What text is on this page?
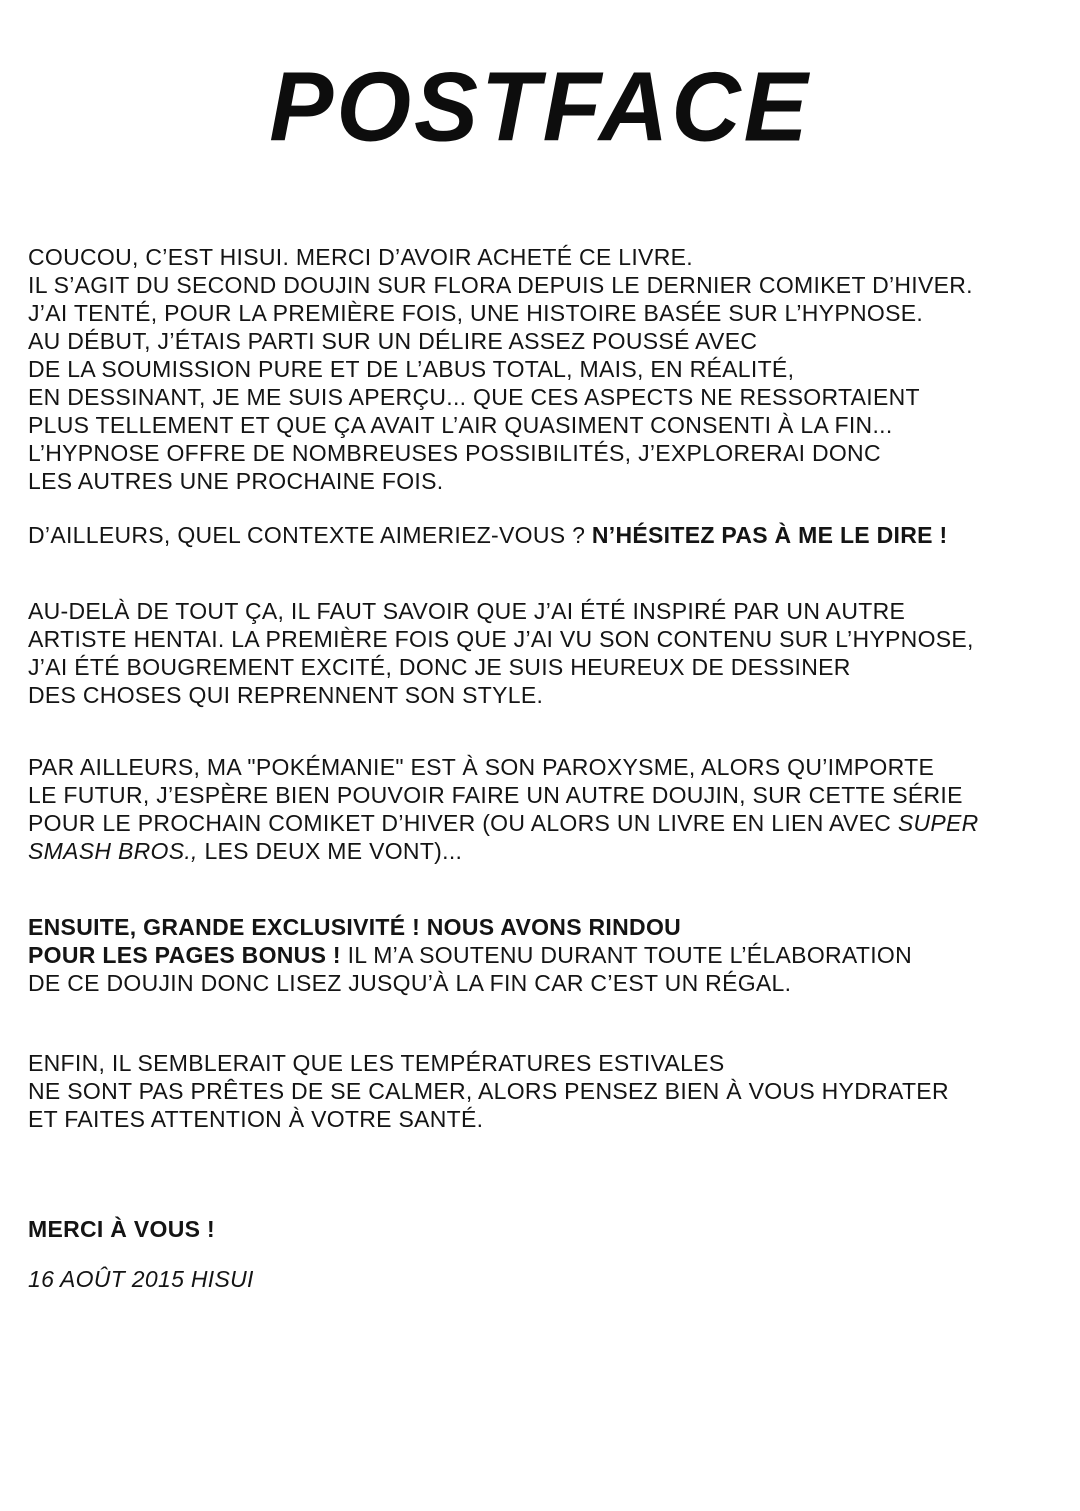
POSTFACE
COUCOU, C’EST HISUI. MERCI D’AVOIR ACHETÉ CE LIVRE.
IL S’AGIT DU SECOND DOUJIN SUR FLORA DEPUIS LE DERNIER COMIKET D’HIVER.
J’AI TENTÉ, POUR LA PREMIÈRE FOIS, UNE HISTOIRE BASÉE SUR L’HYPNOSE.
AU DÉBUT, J’ÉTAIS PARTI SUR UN DÉLIRE ASSEZ POUSSÉ AVEC
DE LA SOUMISSION PURE ET DE L’ABUS TOTAL, MAIS, EN RÉALITÉ,
EN DESSINANT, JE ME SUIS APERÇU... QUE CES ASPECTS NE RESSORTAIENT
PLUS TELLEMENT ET QUE ÇA AVAIT L’AIR QUASIMENT CONSENTI À LA FIN...
L’HYPNOSE OFFRE DE NOMBREUSES POSSIBILITÉS, J’EXPLORERAI DONC
LES AUTRES UNE PROCHAINE FOIS.
D’AILLEURS, QUEL CONTEXTE AIMERIEZ-VOUS ? N’HÉSITEZ PAS À ME LE DIRE !
AU-DELÀ DE TOUT ÇA, IL FAUT SAVOIR QUE J’AI ÉTÉ INSPIRÉ PAR UN AUTRE
ARTISTE HENTAI. LA PREMIÈRE FOIS QUE J’AI VU SON CONTENU SUR L’HYPNOSE,
J’AI ÉTÉ BOUGREMENT EXCITÉ, DONC JE SUIS HEUREUX DE DESSINER
DES CHOSES QUI REPRENNENT SON STYLE.
PAR AILLEURS, MA "POKÉMANIE" EST À SON PAROXYSME, ALORS QU’IMPORTE
LE FUTUR, J’ESPÈRE BIEN POUVOIR FAIRE UN AUTRE DOUJIN, SUR CETTE SÉRIE
POUR LE PROCHAIN COMIKET D’HIVER (OU ALORS UN LIVRE EN LIEN AVEC SUPER
SMASH BROS., LES DEUX ME VONT)...
ENSUITE, GRANDE EXCLUSIVITÉ ! NOUS AVONS RINDOU
POUR LES PAGES BONUS ! IL M’A SOUTENU DURANT TOUTE L’ÉLABORATION
DE CE DOUJIN DONC LISEZ JUSQU’À LA FIN CAR C’EST UN RÉGAL.
ENFIN, IL SEMBLERAIT QUE LES TEMPÉRATURES ESTIVALES
NE SONT PAS PRÊTES DE SE CALMER, ALORS PENSEZ BIEN À VOUS HYDRATER
ET FAITES ATTENTION À VOTRE SANTÉ.
MERCI À VOUS !
16 AOÛT 2015 HISUI
